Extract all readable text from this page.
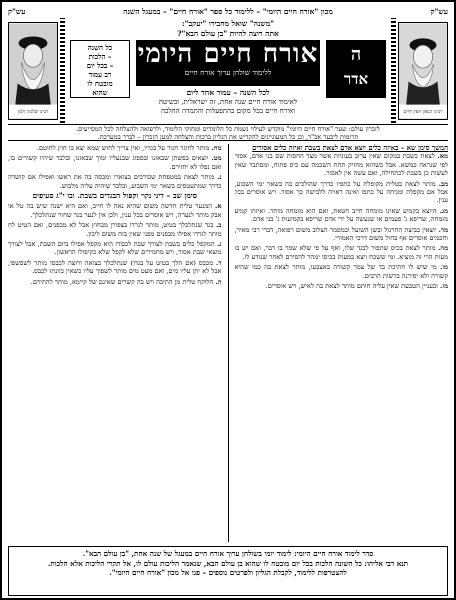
עש"ק
מכון "אורח חיים היומי" – ללימוד כל ספר "אורח חיים" – במעגל השנה
עש"ק
רבינו הגאון חפץ חיים
רבינו שלמה זלמן
"משנה" שואל מחבירו "יעקב":
אתה רוצה להיות "בן עולם הבא"?
ה
אדר
אורח חיים היומי
ללימוד שולחן ערוך אורח חיים
כל השנה
– הלכות
– בכל יום
רב עמוד
מובטח לו
שהוא	לכל השנה – עמוד אחד ליום
לאימוד אורח חיים שנה אחת, זה ישראלית, ובשיטה
ואירח חיים בכל מקום בהתפעלות והתמדה ההלכה
לזכרון עולם: שער "אורח חיים היומי" מוקדש לעילוי נשמת כל הלומדים ומחזקי הלימוד, ולרפואה ולהצלחה לכל המסייעים.
תרומות ליבער אב"ד, וכן כל המעוניינים להקדיש את הגליון ברכות והצלחה למען הזכרון – לברר במערכת.
המשך סימן שא – באיזה כלים יוצא אדם לצאת בשבת ואיזה כלים אסורים
מא. לצאת בשבת במקום שאין ערוב בעוניות אשר מצד החסות שם בני אדם, אסור לפי שנראה כמשא. אבל כשהוא מחזיק תחת השכמה עם כיס פתוח, ומסתבר שאין לעשות כן בשבת לכתחילה, ואם עשה אין לאסור.
מב. מותר לצאת בטלית מקופלת על כתפיו כדרך שהולכים בה בשאר ימי השבוע, אבל אם מקפלה ומניחה על כתפו ואינה ראויה ללבישה כך אסור. ויש אוסרים בכל ענין.
מג. היוצא בקמיע שאינו מומחה חייב חטאת, ואם הוא מומחה מותר. ואיזהו קמיע מומחה, שריפא ג' פעמים או שנעשה על ידי אדם שריפא בקמיעות ג' בני אדם.
מד. יוצאין בביצת החרגול ובשן השועל ובמסמר הצלוב משום רפואה, דברי רבי מאיר, וחכמים אוסרים אף בחול משום דרכי האמורי.
מה. מותר לצאת בכיס שתפור לבגד שלו, ואף על פי שלא שמר בו דבר, ואם יש בו מעות הרי זה מוציא. ומי ששכח ויצא במעות בכיסו ימהר להסירם לאחר שנודע לו.
מו. מי שיש לו חתיכת בד של צמר קשורה באצבעו, מותר לצאת בה כמו שהיא קשורה ולא יסירנה ברשות הרבים.
מז. ובעניין הטבעת שאין עליה חותם מותר לצאת בה לאיש, ויש אוסרים.
מח. מותר לחוגר חגור על בגדיו, ואין צריך לחוש שמא יצא בו חוץ לחוטם.
מט. יוצאים בפשתן שבאזנו ובספוג שבנעליו ומוך שבאזנו, ובלבד שיהיו קשורים בו, ואם נפלו לא יחזירם.
נ. מותר לצאת במטפחת שכורכים בצוארו ומכסה בה את ראשו ואפילו אם קושרה כדרך שמתעטפים בשאר ימי השבוע, ובלבד שיהיה עליה מלבוש.
סימן שב – דיני נקוי וקפול הבגדים בשבת. ובו י"ג סעיפים
א. המנער טלית חדשה משום שהיא נאה לו חייב, ואם היא ישנה שיש בה טל או אבק מותר לנערה, ויש אוסרים בכל ענין, ולכן אין לנער בגד שחור שנתלכלך.
ב. בגד שנתלכלך בטיט, מותר לגרדו בצפורן מבחוץ אבל לא מבפנים, ואם הטיט לח מותר לגרדו אפילו מבפנים מפני שאין בזה משום ליבון.
ג. המקפל כלים בשבת לצורך שבת לכבודו הוא מקפל אפילו ביום השבת, אבל לצורך מוצאי שבת אסור, ויש מחמירים שלא לקפל שלא כקיפולו הראשון.
ד. מכבס (אם הלך בטיט על בגדו) שנתלכלך בצואה ורוצה לכבסו מותר לשפשפו, אבל לא יתן עליו מים, ואם מעט מים מותר לשפוך עליו כשאין כוונתו לכבס.
ה. הלוקח טלית מן התיבה ויש בה קשרים שאינם של קיימא, מותר להתירם.
סדר לימוד אורח חיים היומי: לימוד יומי בשולחן ערוך אורח חיים במעגל של שנה אחת, "בן עולם הבא".
תנא דבי אליהו: כל השונה הלכות בכל יום מובטח לו שהוא בן עולם הבא, שנאמר הליכות עולם לו, אל תקרי הליכות אלא הלכות.
להצטרפות ללימוד, לקבלת הגליון ולפרטים נוספים – פנו אל מכון "אורח חיים היומי".
